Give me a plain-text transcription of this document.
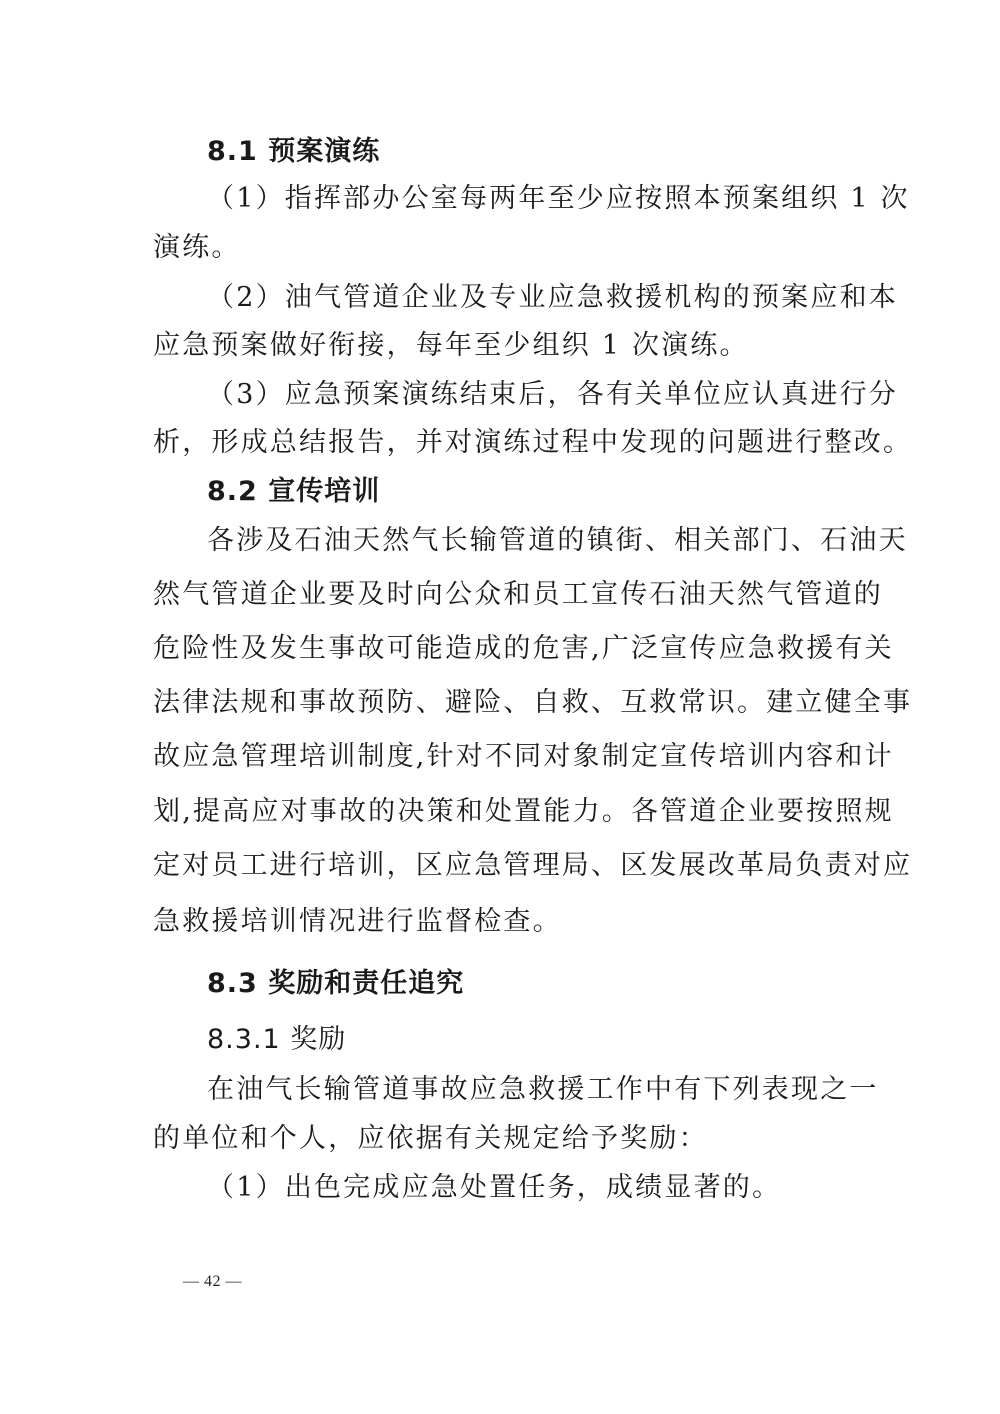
8.1 预案演练
（1）指挥部办公室每两年至少应按照本预案组织 1 次
演练。
（2）油气管道企业及专业应急救援机构的预案应和本
应急预案做好衔接，每年至少组织 1 次演练。
（3）应急预案演练结束后，各有关单位应认真进行分
析，形成总结报告，并对演练过程中发现的问题进行整改。
8.2 宣传培训
各涉及石油天然气长输管道的镇街、相关部门、石油天
然气管道企业要及时向公众和员工宣传石油天然气管道的
危险性及发生事故可能造成的危害,广泛宣传应急救援有关
法律法规和事故预防、避险、自救、互救常识。建立健全事
故应急管理培训制度,针对不同对象制定宣传培训内容和计
划,提高应对事故的决策和处置能力。各管道企业要按照规
定对员工进行培训，区应急管理局、区发展改革局负责对应
急救援培训情况进行监督检查。
8.3 奖励和责任追究
8.3.1 奖励
在油气长输管道事故应急救援工作中有下列表现之一
的单位和个人，应依据有关规定给予奖励：
（1）出色完成应急处置任务，成绩显著的。
— 42 —
